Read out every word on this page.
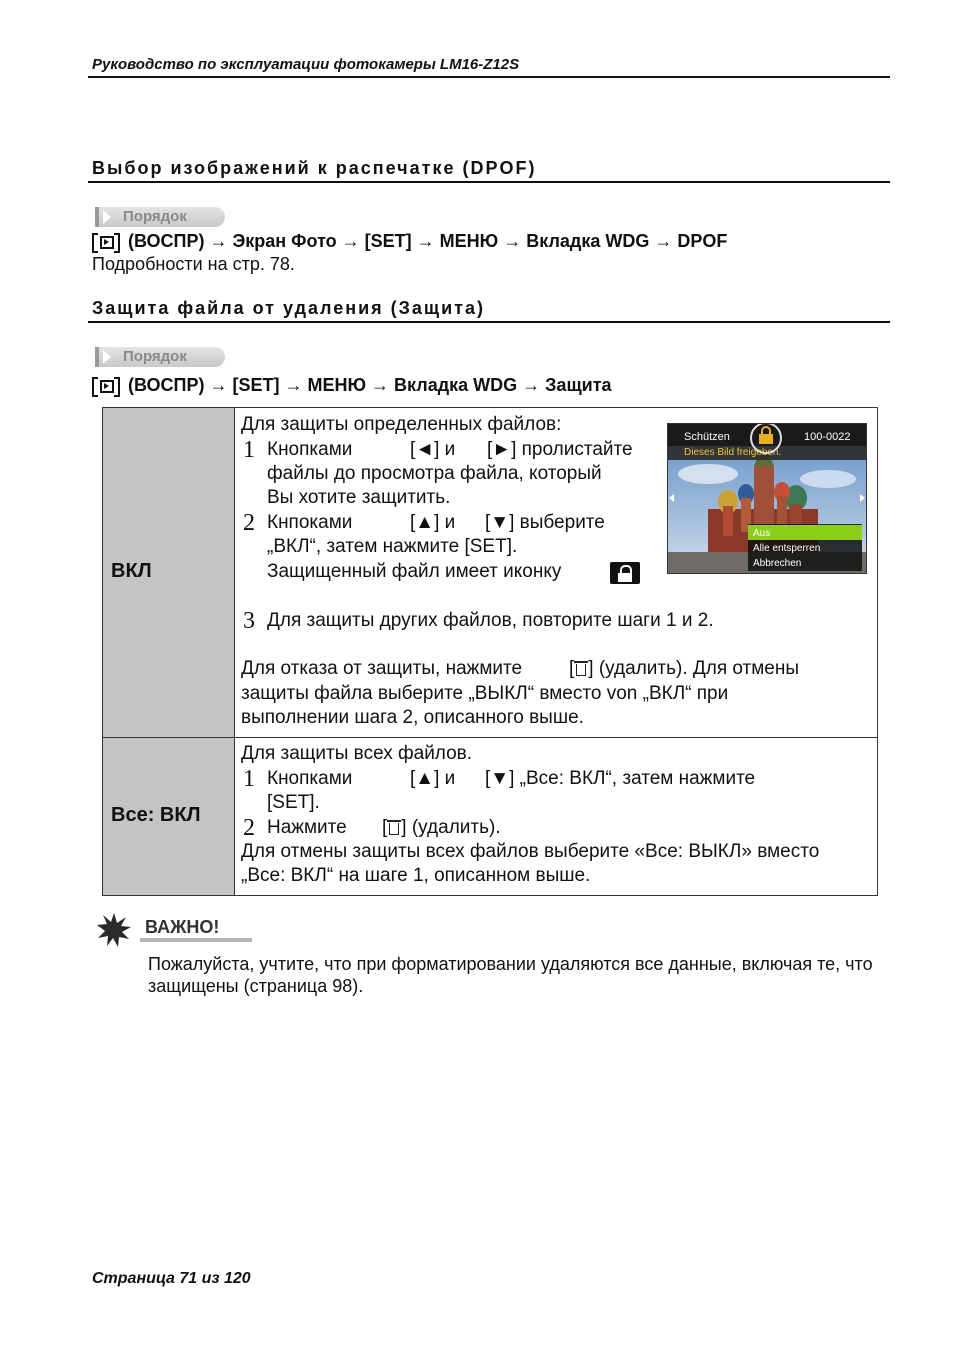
Руководство по эксплуатации фотокамеры LM16-Z12S
Выбор изображений к распечатке (DPOF)
Порядок
(ВОСПР) → Экран Фото → [SET] → МЕНЮ → Вкладка WDG → DPOF
Подробности на стр. 78.
Защита файла от удаления (Защита)
Порядок
(ВОСПР) → [SET] → МЕНЮ → Вкладка WDG → Защита
ВКЛ
Для защиты определенных файлов:
1 Кнопками	[◄] и [►] пролистайте
файлы до просмотра файла, который
Вы хотите защитить.
2 Кнпоками	[▲] и [▼] выберите
„ВКЛ“, затем нажмите [SET].
Защищенный файл имеет иконку
3 Для защиты других файлов, повторите шаги 1 и 2.
Для отказа от защиты, нажмите [ ] (удалить). Для отмены
защиты файла выберите „ВЫКЛ“ вместо von „ВКЛ“ при
выполнении шага 2, описанного выше.
Все: ВКЛ
Для защиты всех файлов.
1 Кнопками	[▲] и [▼] „Все: ВКЛ“, затем нажмите
[SET].
2 Нажмите [ ] (удалить).
Для отмены защиты всех файлов выберите «Все: ВЫКЛ» вместо
„Все: ВКЛ“ на шаге 1, описанном выше.
Schützen	100-0022
Dieses Bild freigeben.
Aus
Alle entsperren
Abbrechen
ВАЖНО!
Пожалуйста, учтите, что при форматировании удаляются все данные, включая те, что защищены (страница 98).
Страница 71 из 120
